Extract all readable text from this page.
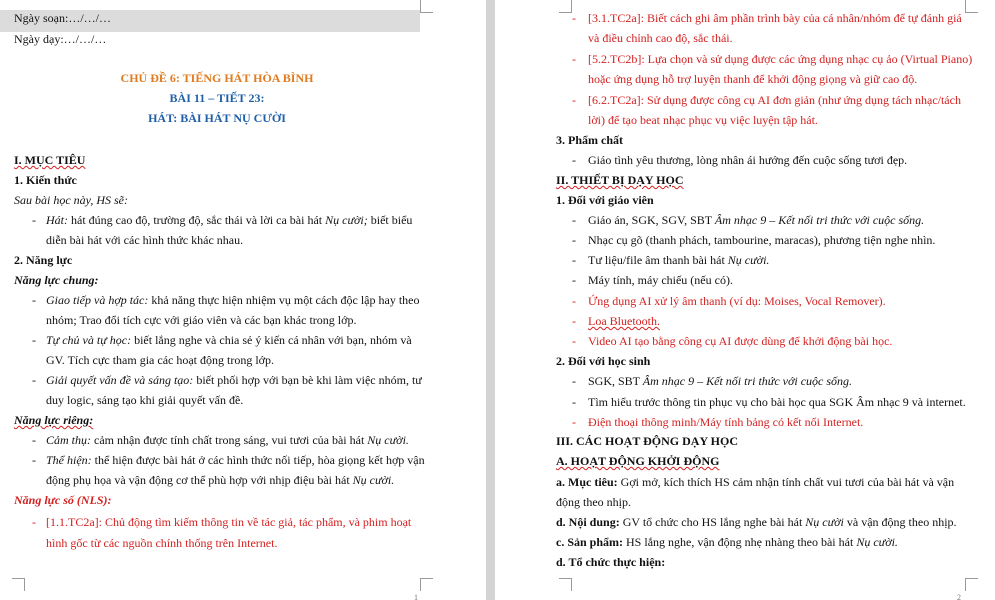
Ngày soạn:…/…/…
Ngày dạy:…/…/…
CHỦ ĐỀ 6: TIẾNG HÁT HÒA BÌNH
BÀI 11 – TIẾT 23:
HÁT: BÀI HÁT NỤ CƯỜI
I. MỤC TIÊU
1. Kiến thức
Sau bài học này, HS sẽ:
- Hát: hát đúng cao độ, trường độ, sắc thái và lời ca bài hát Nụ cười; biết biểu
diễn bài hát với các hình thức khác nhau.
2. Năng lực
Năng lực chung:
- Giao tiếp và hợp tác: khả năng thực hiện nhiệm vụ một cách độc lập hay theo
nhóm; Trao đổi tích cực với giáo viên và các bạn khác trong lớp.
- Tự chủ và tự học: biết lắng nghe và chia sẻ ý kiến cá nhân với bạn, nhóm và
GV. Tích cực tham gia các hoạt động trong lớp.
- Giải quyết vấn đề và sáng tạo: biết phối hợp với bạn bè khi làm việc nhóm, tư
duy logic, sáng tạo khi giải quyết vấn đề.
Năng lực riêng:
- Cảm thụ: cảm nhận được tính chất trong sáng, vui tươi của bài hát Nụ cười.
- Thể hiện: thể hiện được bài hát ở các hình thức nối tiếp, hòa giọng kết hợp vận
động phụ họa và vận động cơ thể phù hợp với nhịp điệu bài hát Nụ cười.
Năng lực số (NLS):
- [1.1.TC2a]: Chủ động tìm kiếm thông tin về tác giả, tác phẩm, và phim hoạt
hình gốc từ các nguồn chính thống trên Internet.
1
- [3.1.TC2a]: Biết cách ghi âm phần trình bày của cá nhân/nhóm để tự đánh giá
và điều chỉnh cao độ, sắc thái.
- [5.2.TC2b]: Lựa chọn và sử dụng được các ứng dụng nhạc cụ ảo (Virtual Piano)
hoặc ứng dụng hỗ trợ luyện thanh để khởi động giọng và giữ cao độ.
- [6.2.TC2a]: Sử dụng được công cụ AI đơn giản (như ứng dụng tách nhạc/tách
lời) để tạo beat nhạc phục vụ việc luyện tập hát.
3. Phẩm chất
- Giáo tình yêu thương, lòng nhân ái hướng đến cuộc sống tươi đẹp.
II. THIẾT BỊ DẠY HỌC
1. Đối với giáo viên
- Giáo án, SGK, SGV, SBT Âm nhạc 9 – Kết nối tri thức với cuộc sống.
- Nhạc cụ gõ (thanh phách, tambourine, maracas), phương tiện nghe nhìn.
- Tư liệu/file âm thanh bài hát Nụ cười.
- Máy tính, máy chiếu (nếu có).
- Ứng dụng AI xử lý âm thanh (ví dụ: Moises, Vocal Remover).
- Loa Bluetooth.
- Video AI tạo bằng công cụ AI được dùng để khởi động bài học.
2. Đối với học sinh
- SGK, SBT Âm nhạc 9 – Kết nối tri thức với cuộc sống.
- Tìm hiểu trước thông tin phục vụ cho bài học qua SGK Âm nhạc 9 và internet.
- Điện thoại thông minh/Máy tính bảng có kết nối Internet.
III. CÁC HOẠT ĐỘNG DẠY HỌC
A. HOẠT ĐỘNG KHỞI ĐỘNG
a. Mục tiêu: Gợi mở, kích thích HS cảm nhận tính chất vui tươi của bài hát và vận
động theo nhịp.
d. Nội dung: GV tổ chức cho HS lắng nghe bài hát Nụ cười và vận động theo nhịp.
c. Sản phẩm: HS lắng nghe, vận động nhẹ nhàng theo bài hát Nụ cười.
d. Tổ chức thực hiện:
2
